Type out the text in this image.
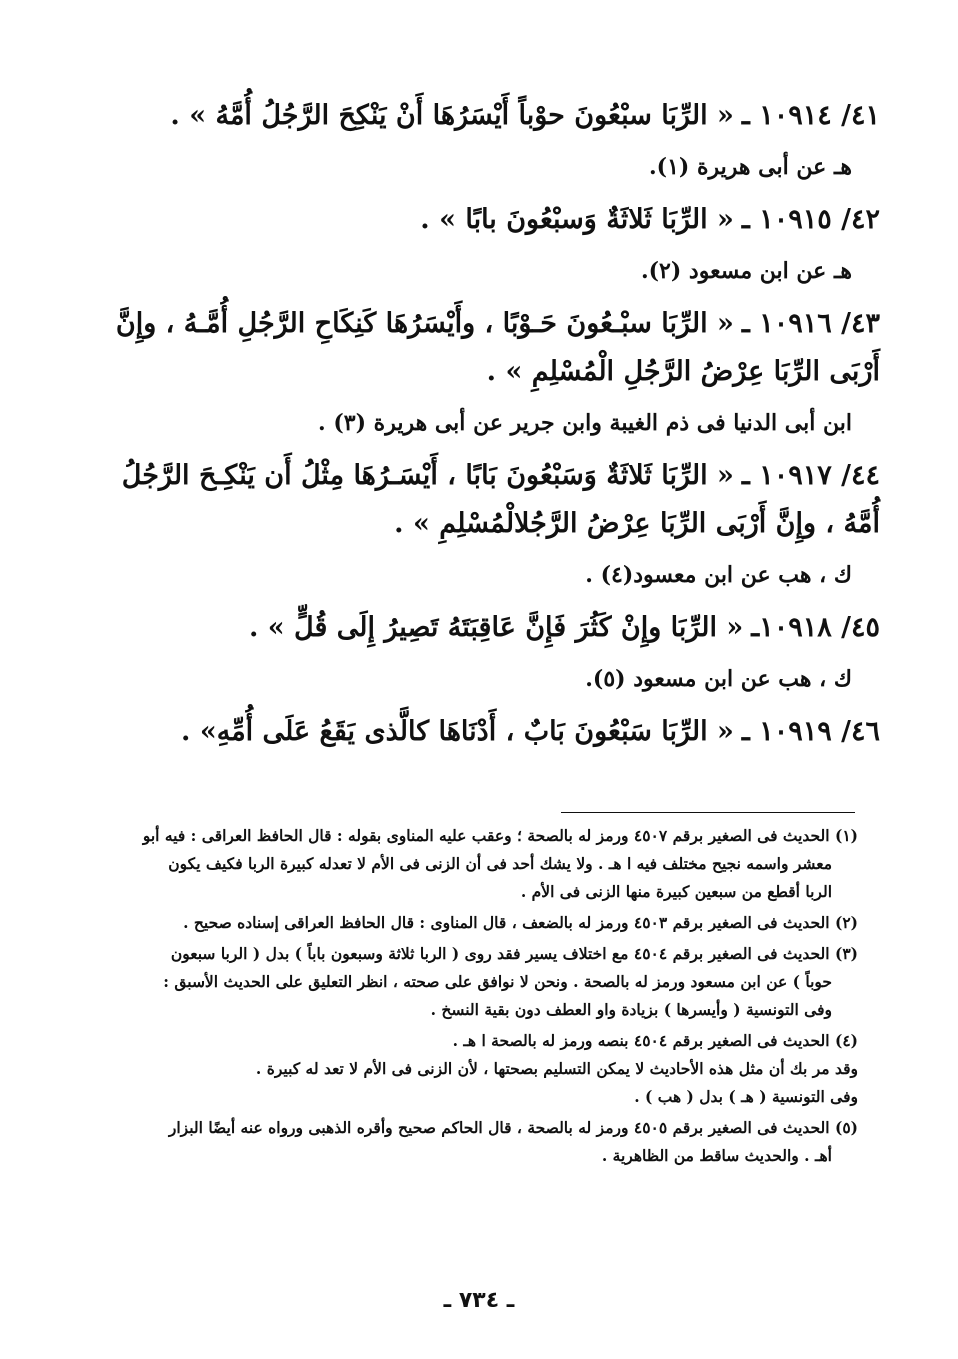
٤١/ ١٠٩١٤ ـ« الرِّبَا سبْعُونَ حوْباً أَيْسَرُهَا أَنْ يَنْكِحَ الرَّجُلُ أُمَّهُ » .

هـ عن أبى هريرة (١).

٤٢/ ١٠٩١٥ ـ« الرِّبَا ثَلاثَةٌ وَسبْعُونَ بابًا » .

هـ عن ابن مسعود (٢).

٤٣/ ١٠٩١٦ ـ« الرِّبَا سبْـعُونَ حَـوْبًا ، وأَيْسَرُهَا كَنِكَاحِ الرَّجُلِ أُمَّـهُ ، وإِنَّ أَرْبَى الرِّبَا عِرْضُ الرَّجُلِ الْمُسْلِمِ » .

ابن أبى الدنيا فى ذم الغيبة وابن جرير عن أبى هريرة (٣) .

٤٤/ ١٠٩١٧ ـ« الرِّبَا ثَلاثَةٌ وَسَبْعُونَ بَابًا ، أَيْسَـرُهَا مِثْلُ أَن يَنْكِـحَ الرَّجُلُ أُمَّهُ ، وإِنَّ أَرْبَى الرِّبَا عِرْضُ الرَّجُلالْمُسْلِمِ » .

ك ، هب عن ابن معسود(٤) .

٤٥/ ١٠٩١٨ـ« الرِّبَا وإِنْ كَثُرَ فَإِنَّ عَاقِبَتَهُ تَصِيرُ إِلَى قُلٍّ » .

ك ، هب عن ابن مسعود (٥).

٤٦/ ١٠٩١٩ ـ« الرِّبَا سَبْعُونَ بَابٌ ، أَدْنَاهَا كالَّذى يَقَعُ عَلَى أُمِّهِ» .

(١) الحديث فى الصغير برقم ٤٥٠٧ ورمز له بالصحة ؛ وعقب عليه المناوى بقوله : قال الحافظ العراقى : فيه أبو
معشر واسمه نجيح مختلف فيه ا هـ . ولا يشك أحد فى أن الزنى فى الأم لا تعدله كبيرة الربا فكيف يكون
الربا أقطع من سبعين كبيرة منها الزنى فى الأم .
(٢) الحديث فى الصغير برقم ٤٥٠٣ ورمز له بالضعف ، قال المناوى : قال الحافظ العراقى إسناده صحيح .
(٣) الحديث فى الصغير برقم ٤٥٠٤ مع اختلاف يسير فقد روى ( الربا ثلاثة وسبعون باباً ) بدل ( الربا سبعون
حوباً ) عن ابن مسعود ورمز له بالصحة . ونحن لا نوافق على صحته ، انظر التعليق على الحديث الأسبق :
وفى التونسية ( وأيسرها ) بزيادة واو العطف دون بقية النسخ .
(٤) الحديث فى الصغير برقم ٤٥٠٤ بنصه ورمز له بالصحة ا هـ .
وقد مر بك أن مثل هذه الأحاديث لا يمكن التسليم بصحتها ، لأن الزنى فى الأم لا تعد له كبيرة .
وفى التونسية ( هـ ) بدل ( هب ) .
(٥) الحديث فى الصغير برقم ٤٥٠٥ ورمز له بالصحة ، قال الحاكم صحيح وأقره الذهبى ورواه عنه أيضًا البزار
أهـ . والحديث ساقط من الظاهرية .
ـ ٧٣٤ ـ
